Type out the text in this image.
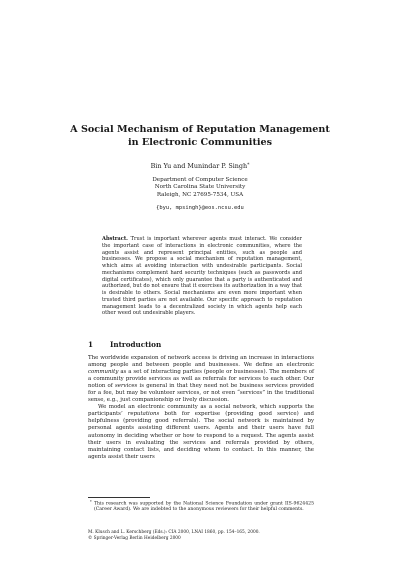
A Social Mechanism of Reputation Management
in Electronic Communities
Bin Yu and Munindar P. Singh*
Department of Computer Science
North Carolina State University
Raleigh, NC 27695-7534, USA
{byu, mpsingh}@eos.ncsu.edu
Abstract. Trust is important wherever agents must interact. We consider the important case of interactions in electronic communities, where the agents assist and represent principal entities, such as people and businesses. We propose a social mechanism of reputation management, which aims at avoiding interaction with undesirable participants. Social mechanisms complement hard security techniques (such as passwords and digital certificates), which only guarantee that a party is authenticated and authorized, but do not ensure that it exercises its authorization in a way that is desirable to others. Social mechanisms are even more important when trusted third parties are not available. Our specific approach to reputation management leads to a decentralized society in which agents help each other weed out undesirable players.
1 Introduction

The worldwide expansion of network access is driving an increase in interactions among people and between people and businesses. We define an electronic community as a set of interacting parties (people or businesses). The members of a community provide services as well as referrals for services to each other. Our notion of services is general in that they need not be business services provided for a fee, but may be volunteer services, or not even “services” in the traditional sense, e.g., just companionship or lively discussion.

We model an electronic community as a social network, which supports the participants’ reputations both for expertise (providing good service) and helpfulness (providing good referrals). The social network is maintained by personal agents assisting different users. Agents and their users have full autonomy in deciding whether or how to respond to a request. The agents assist their users in evaluating the services and referrals provided by others, maintaining contact lists, and deciding whom to contact. In this manner, the agents assist their users

* This research was supported by the National Science Foundation under grant IIS-9624425 (Career Award). We are indebted to the anonymous reviewers for their helpful comments.
M. Klusch and L. Kerschberg (Eds.): CIA 2000, LNAI 1860, pp. 154–165, 2000.
© Springer-Verlag Berlin Heidelberg 2000
